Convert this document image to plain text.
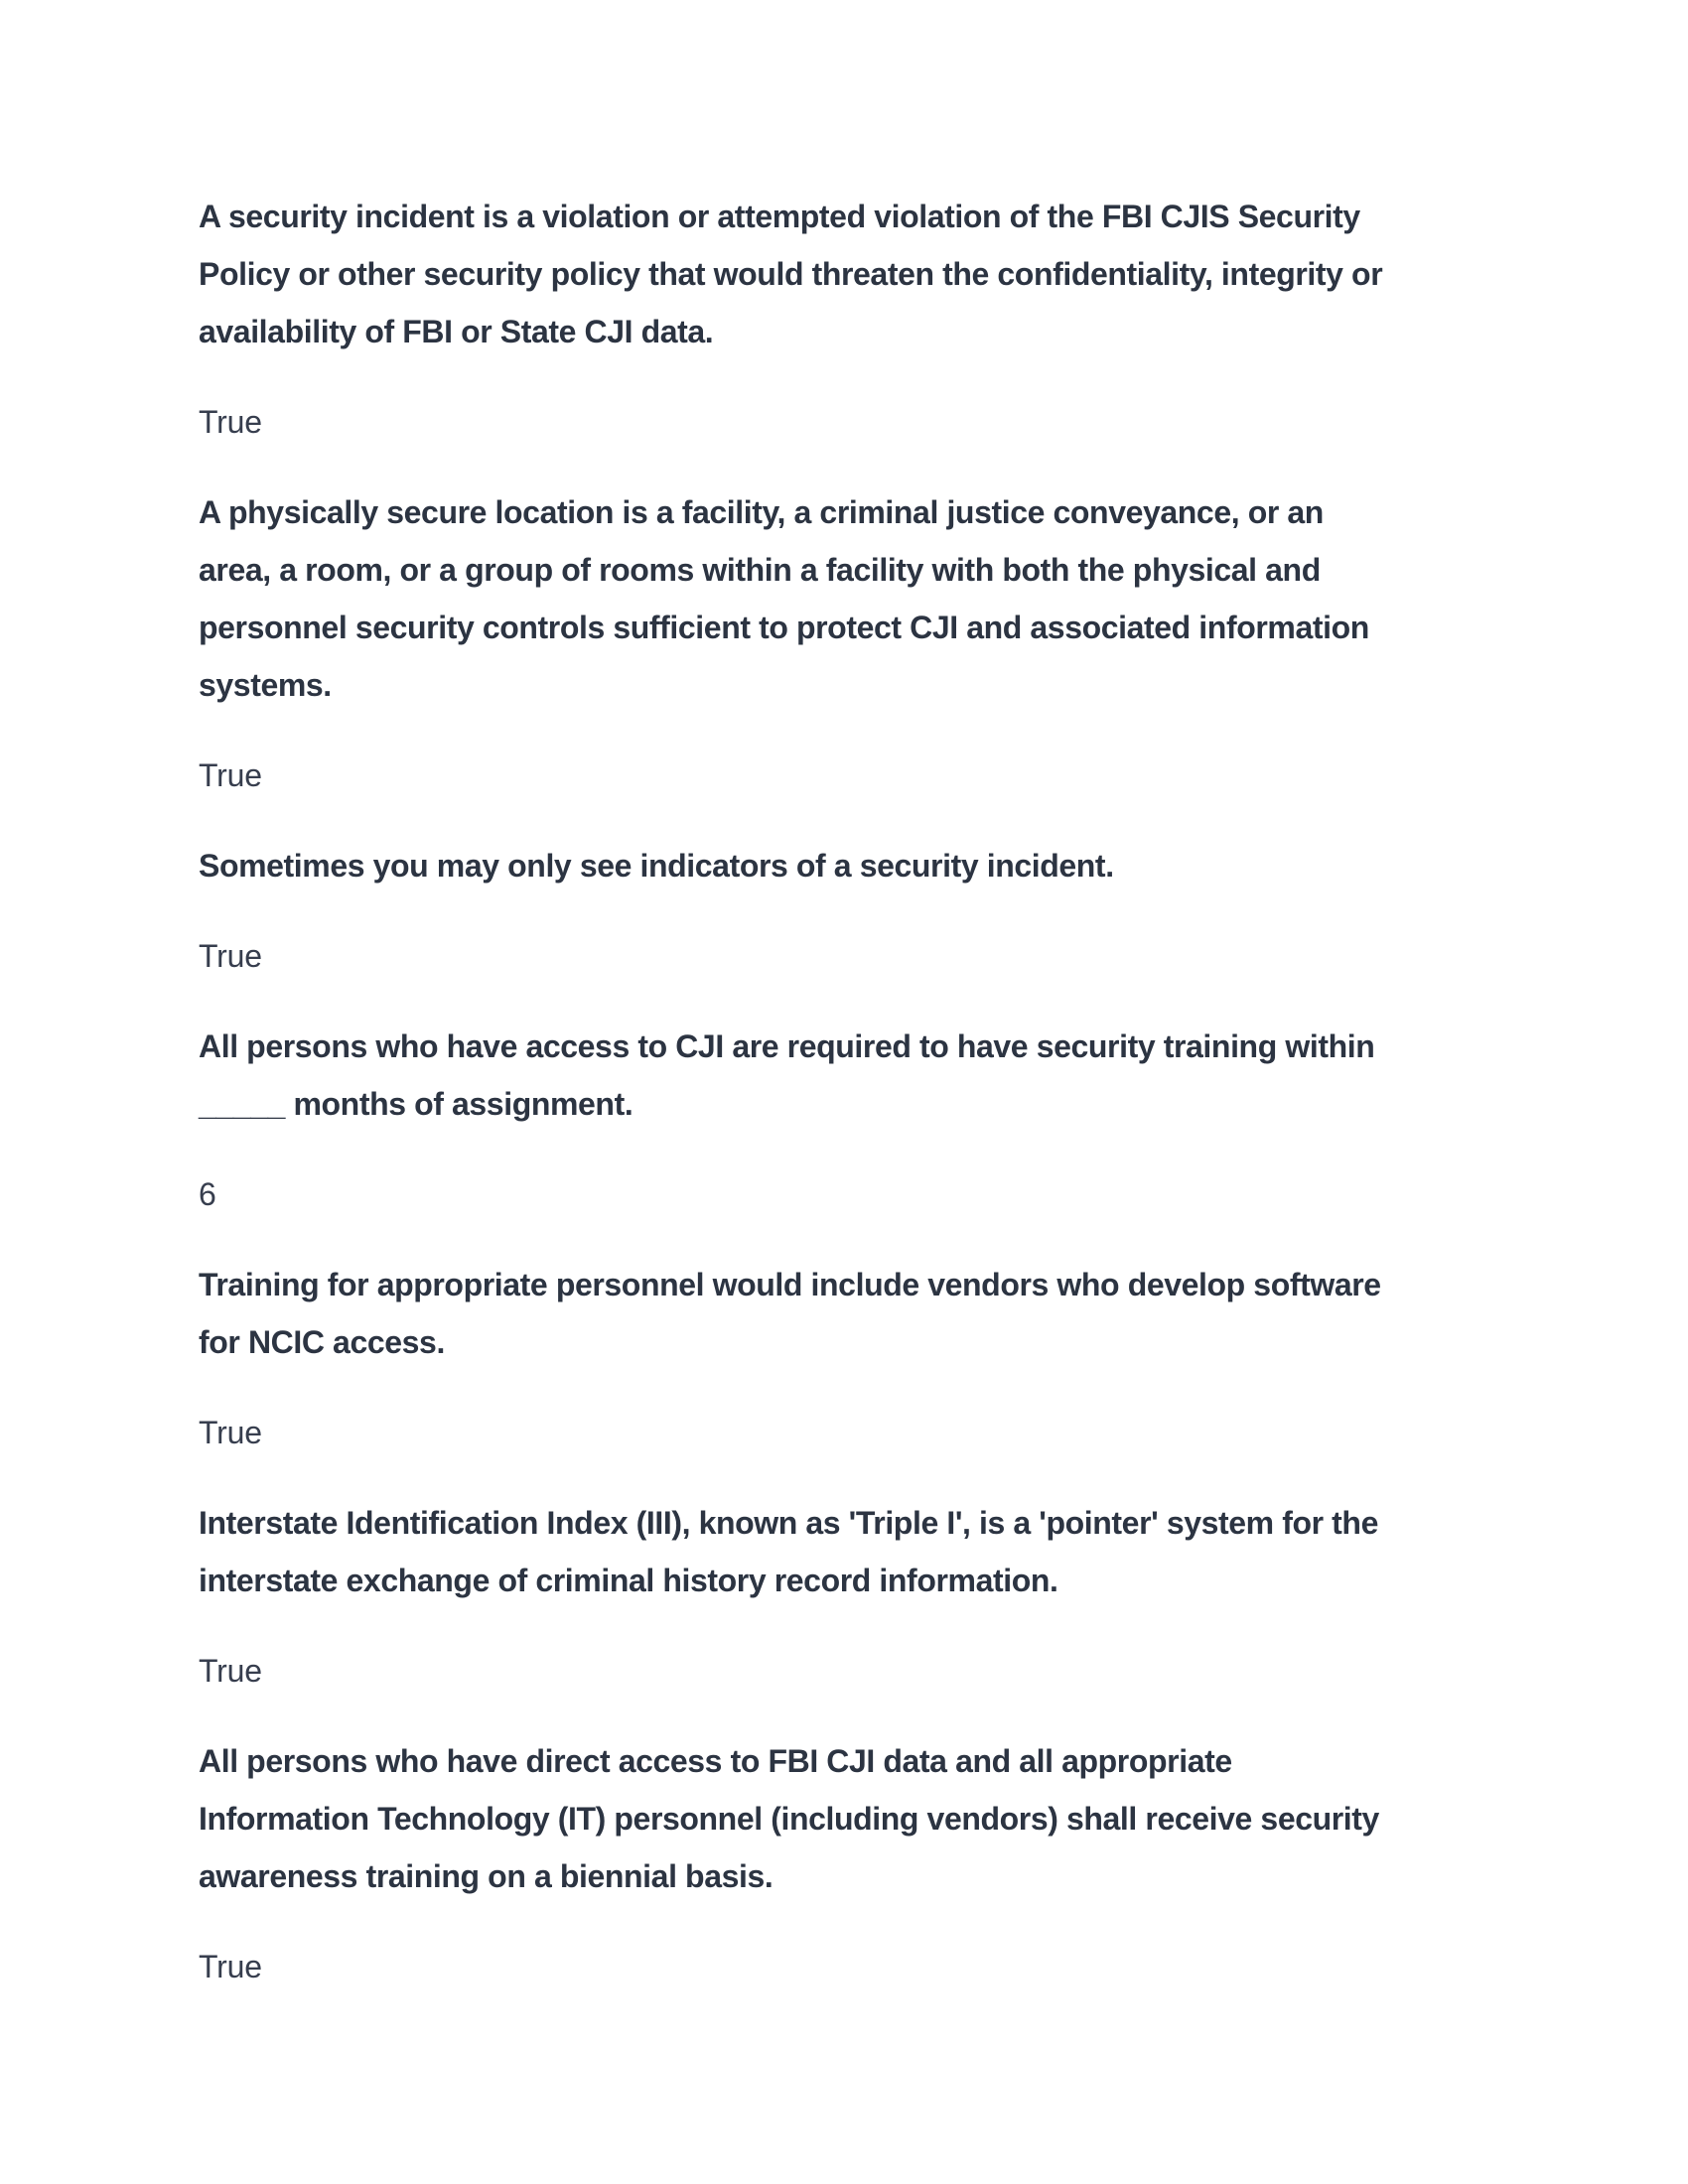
A security incident is a violation or attempted violation of the FBI CJIS Security
Policy or other security policy that would threaten the confidentiality, integrity or
availability of FBI or State CJI data.

True

A physically secure location is a facility, a criminal justice conveyance, or an
area, a room, or a group of rooms within a facility with both the physical and
personnel security controls sufficient to protect CJI and associated information
systems.

True

Sometimes you may only see indicators of a security incident.

True

All persons who have access to CJI are required to have security training within
_____ months of assignment.

6

Training for appropriate personnel would include vendors who develop software
for NCIC access.

True

Interstate Identification Index (III), known as 'Triple I', is a 'pointer' system for the
interstate exchange of criminal history record information.

True

All persons who have direct access to FBI CJI data and all appropriate
Information Technology (IT) personnel (including vendors) shall receive security
awareness training on a biennial basis.

True
